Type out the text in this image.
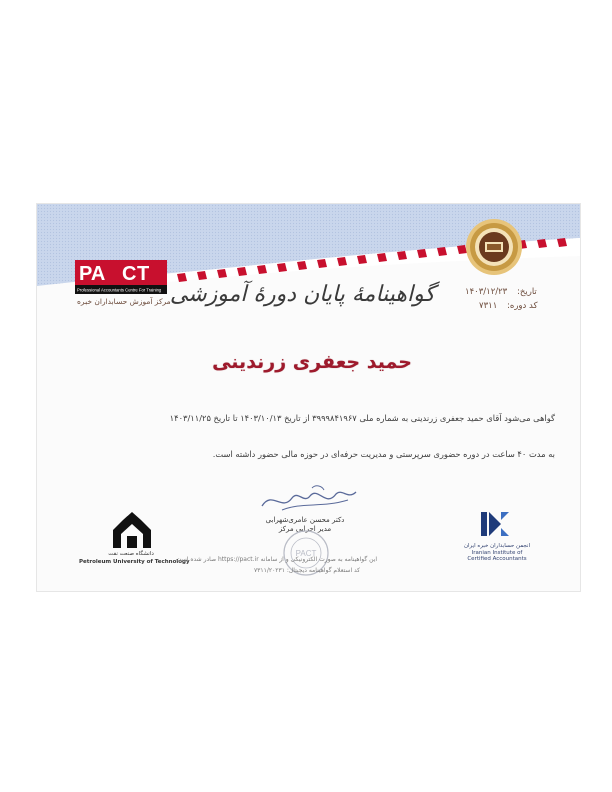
تاریخ:
۱۴۰۳/۱۲/۲۳
کد دوره:
۷۳۱۱
PA C T
Professional Accountants Centre For Training
مرکز آموزش حسابداران خبره گواهینامهٔ پایان دورهٔ آموزشی
حمید جعفری زرندینی
گواهی می‌شود آقای حمید جعفری زرندینی به شماره ملی ۳۹۹۹۸۴۱۹۶۷ از تاریخ ۱۴۰۳/۱۰/۱۳ تا تاریخ ۱۴۰۳/۱۱/۲۵
به مدت ۴۰ ساعت در دوره حضوری سرپرستی و مدیریت حرفه‌ای در حوزه مالی حضور داشته است.
دکتر محسن عامری‌شهرابی
مدیر اجرایی مرکز
PACT
دانشگاه صنعت نفت
Petroleum University of Technology
انجمن حسابداران خبره ایران
Iranian Institute of
Certified Accountants
این گواهینامه به صورت الکترونیکی و از سامانه https://pact.ir صادر شده است
کد استعلام گواهینامه دیجیتال: ۷۳۱۱/۲۰۲۳۱
